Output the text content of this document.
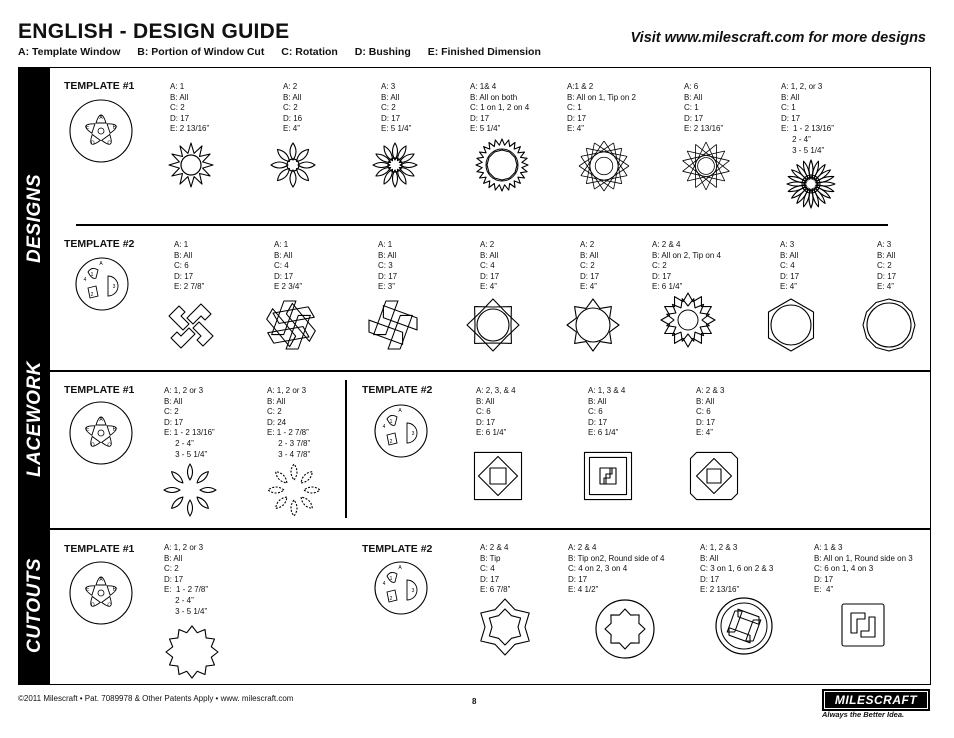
ENGLISH - DESIGN GUIDE
A: Template Window B: Portion of Window Cut C: Rotation D: Bushing E: Finished Dimension
Visit www.milescraft.com for more designs
DESIGNS
LACEWORK
CUTOUTS
TEMPLATE #1
TEMPLATE #2
TEMPLATE #1	TEMPLATE #2
TEMPLATE #1	TEMPLATE #2
A
B
C
D
E
A
1
2
3
4
A
B
C
D
E
A
1
2
3
4
A
B
C
D
E
A
1
2
3
4
A: 1
B: All
C: 2
D: 17
E: 2 13/16”
A: 2
B: All
C: 2
D: 16
E: 4”
A: 3
B: All
C: 2
D: 17
E: 5 1/4”
A: 1& 4
B: All on both
C: 1 on 1, 2 on 4
D: 17
E: 5 1/4”
A:1 & 2
B: All on 1, Tip on 2
C: 1
D: 17
E: 4”
A: 6
B: All
C: 1
D: 17
E: 2 13/16”
A: 1, 2, or 3
B: All
C: 1
D: 17
E:  1 - 2 13/16”
2 - 4”
3 - 5 1/4”
A: 1
B: All
C: 6
D: 17
E: 2 7/8”
A: 1
B: All
C: 4
D: 17
E 2 3/4”
A: 1
B: All
C: 3
D: 17
E: 3”
A: 2
B: All
C: 4
D: 17
E: 4”
A: 2
B: All
C: 2
D: 17
E: 4”
A: 2 & 4
B: All on 2, Tip on 4
C: 2
D: 17
E: 6 1/4”
A: 3
B: All
C: 4
D: 17
E: 4”
A: 3
B: All
C: 2
D: 17
E: 4”
A: 1, 2 or 3
B: All
C: 2
D: 17
E: 1 - 2 13/16”
2 - 4”
3 - 5 1/4”
A: 1, 2 or 3
B: All
C: 2
D: 24
E: 1 - 2 7/8”
2 - 3 7/8”
3 - 4 7/8”
A: 2, 3, & 4
B: All
C: 6
D: 17
E: 6 1/4”
A: 1, 3 & 4
B: All
C: 6
D: 17
E: 6 1/4”
A: 2 & 3
B: All
C: 6
D: 17
E: 4”
A: 1, 2 or 3
B: All
C: 2
D: 17
E:  1 - 2 7/8”
2 - 4”
3 - 5 1/4”
A: 2 & 4
B: Tip
C: 4
D: 17
E: 6 7/8”
A: 2 & 4
B: Tip on2, Round side of 4
C: 4 on 2, 3 on 4
D: 17
E: 4 1/2”
A: 1, 2 & 3
B: All
C: 3 on 1, 6 on 2 & 3
D: 17
E: 2 13/16”
A: 1 & 3
B: All on 1, Round side on 3
C: 6 on 1, 4 on 3
D: 17
E:  4”
©2011 Milescraft • Pat. 7089978 & Other Patents Apply • www. milescraft.com	8	MILESCRAFT
Always the Better Idea.
